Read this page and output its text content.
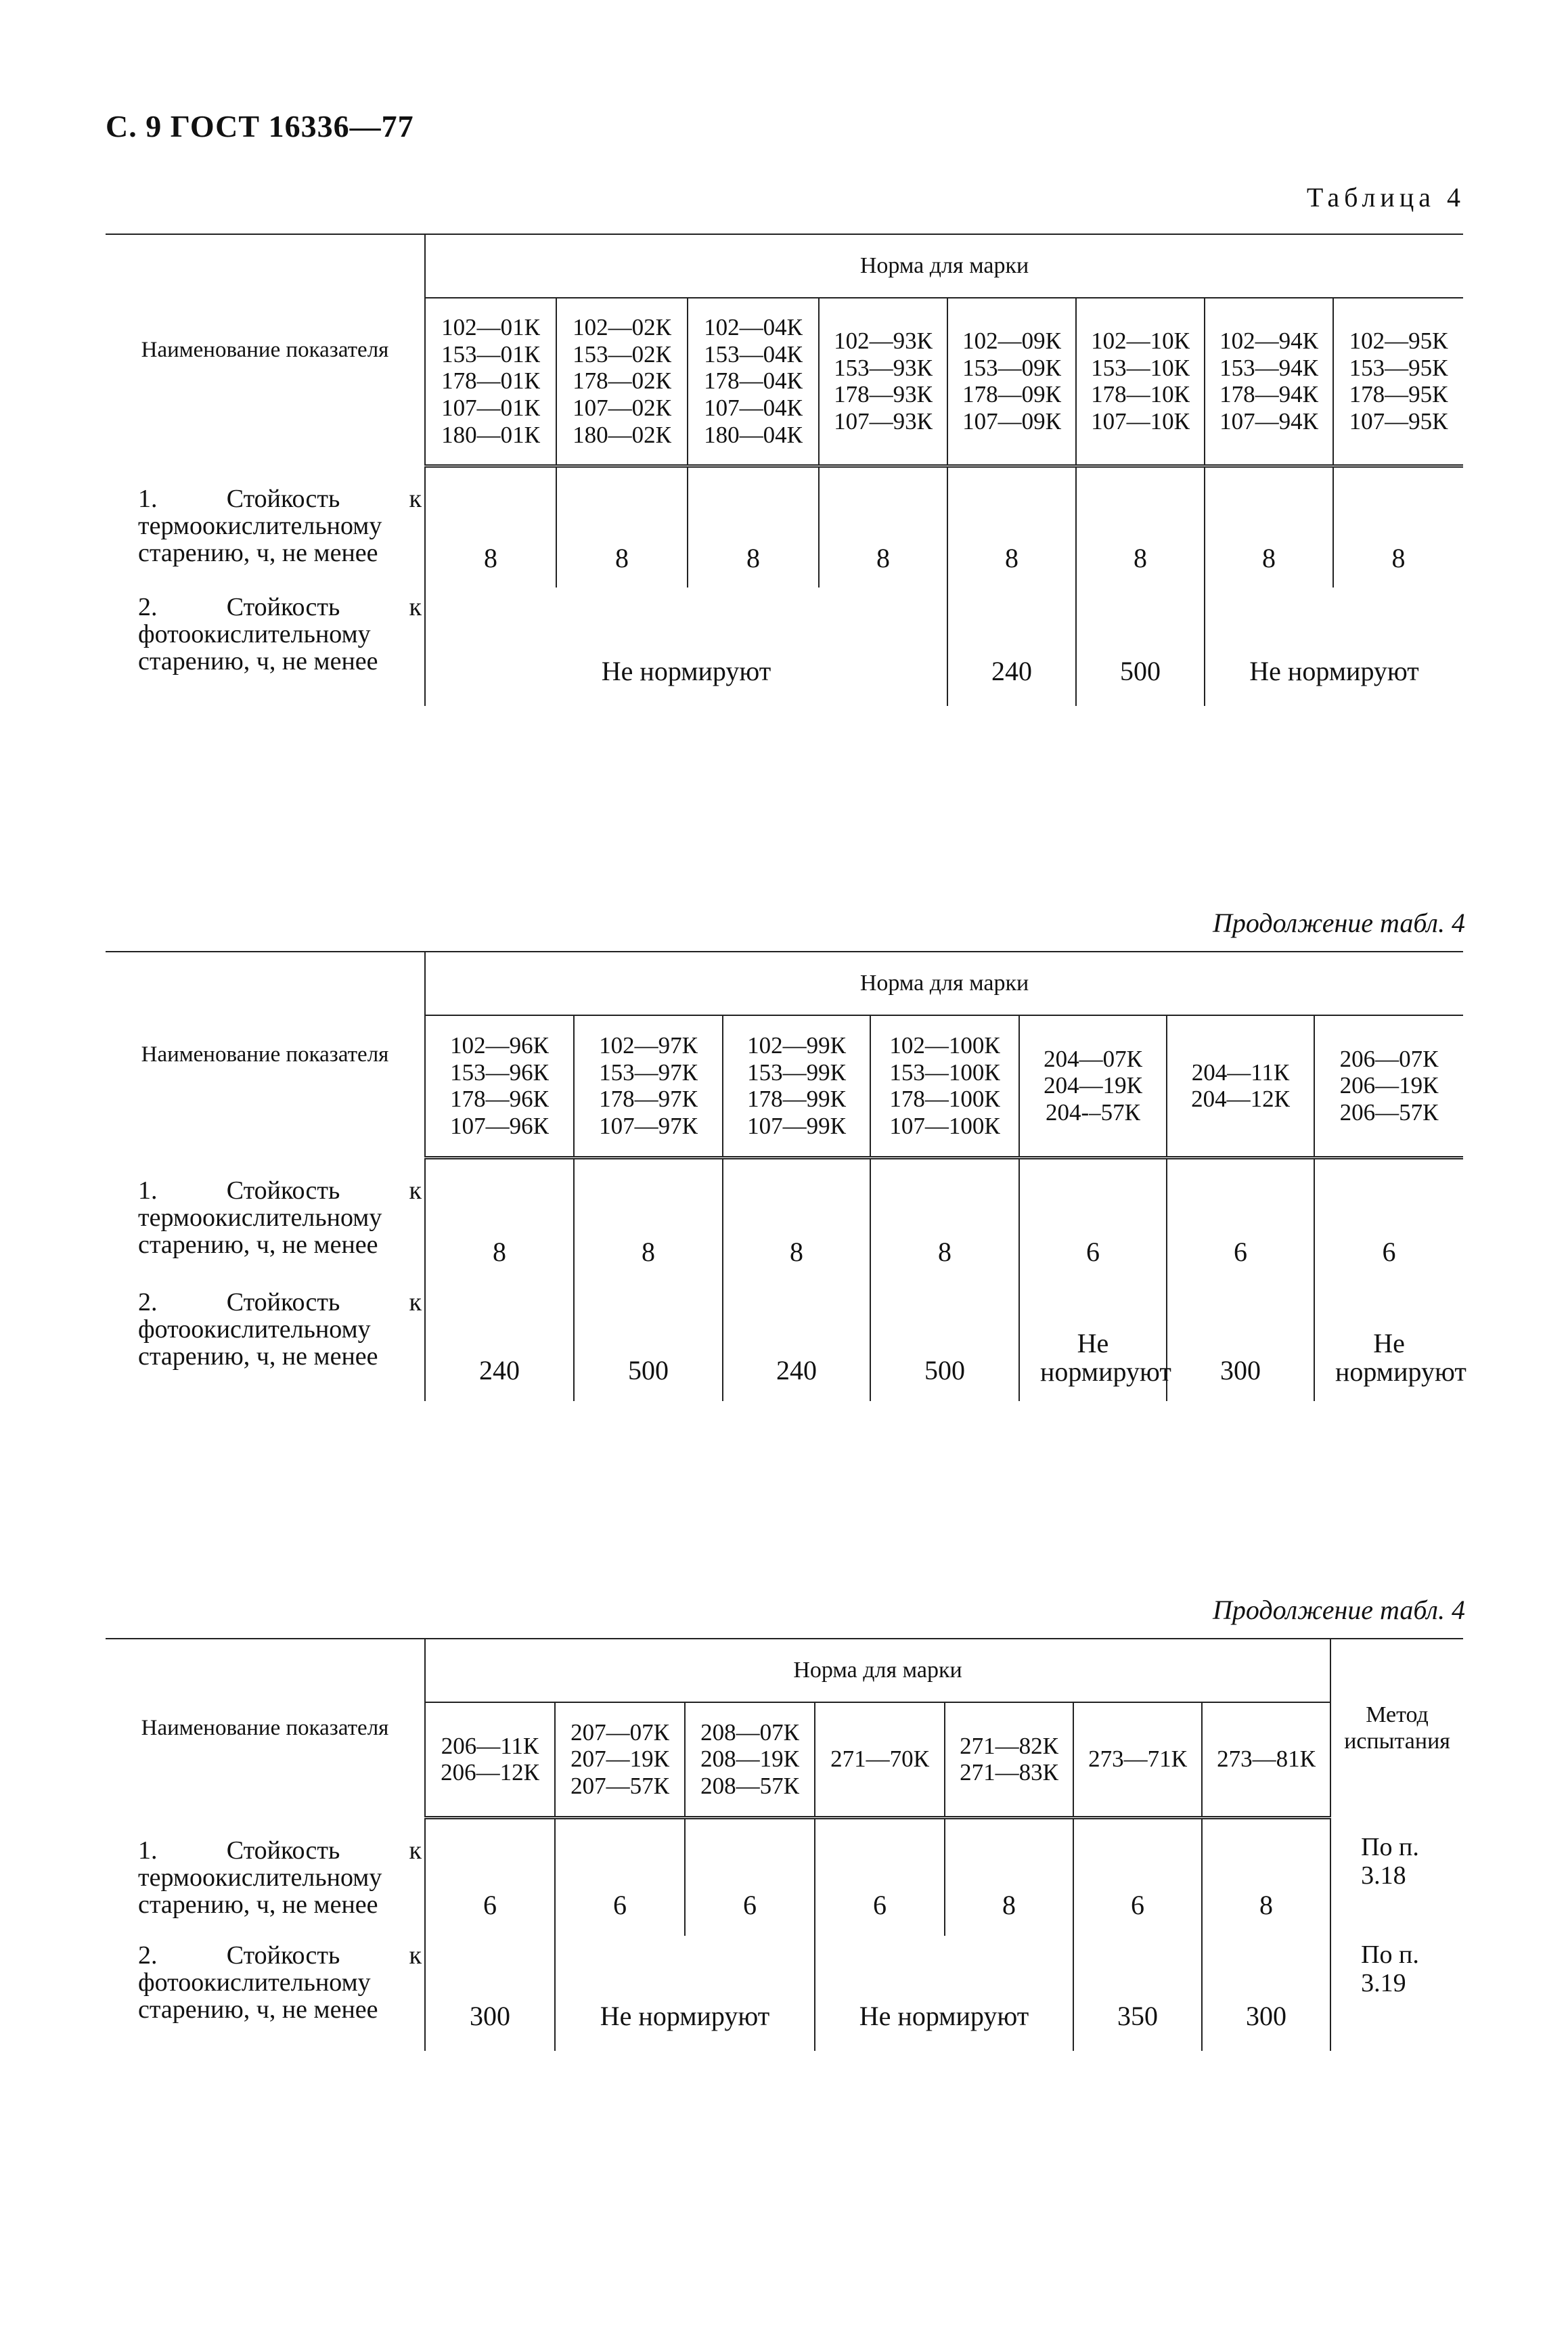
С. 9 ГОСТ 16336—77
Таблица 4
Наименование показателя	Норма для марки							

	102—01К
153—01К
178—01К
107—01К
180—01К	102—02К
153—02К
178—02К
107—02К
180—02К	102—04К
153—04К
178—04К
107—04К
180—04К	102—93К
153—93К
178—93К
107—93К	102—09К
153—09К
178—09К
107—09К	102—10К
153—10К
178—10К
107—10К	102—94К
153—94К
178—94К
107—94К	102—95К
153—95К
178—95К
107—95К

1. Стойкость к термоокислительному старению, ч, не менее	8	8	8	8	8	8	8	8

2. Стойкость к фотоокислительному старению, ч, не менее	Не нормируют				240	500	Не нормируют	
Продолжение табл. 4
Наименование показателя	Норма для марки						

	102—96К
153—96К
178—96К
107—96К	102—97К
153—97К
178—97К
107—97К	102—99К
153—99К
178—99К
107—99К	102—100К
153—100К
178—100К
107—100К	204—07К
204—19К
204-–57К	204—11К
204—12К	206—07К
206—19К
206—57К

1. Стойкость к термоокислительному старению, ч, не менее	8	8	8	8	6	6	6

2. Стойкость к фотоокислительному старению, ч, не менее	240	500	240	500	Не нормируют	300	Не нормируют
Продолжение табл. 4
Наименование показателя	Норма для марки							Метод испытания

	206—11К
206—12К	207—07К
207—19К
207—57К	208—07К
208—19К
208—57К	271—70К	271—82К
271—83К	273—71К	273—81К	

1. Стойкость к термоокислительному старению, ч, не менее	6	6	6	6	8	6	8	По п. 3.18

2. Стойкость к фотоокислительному старению, ч, не менее	300	Не нормируют		Не нормируют		350	300	По п. 3.19
